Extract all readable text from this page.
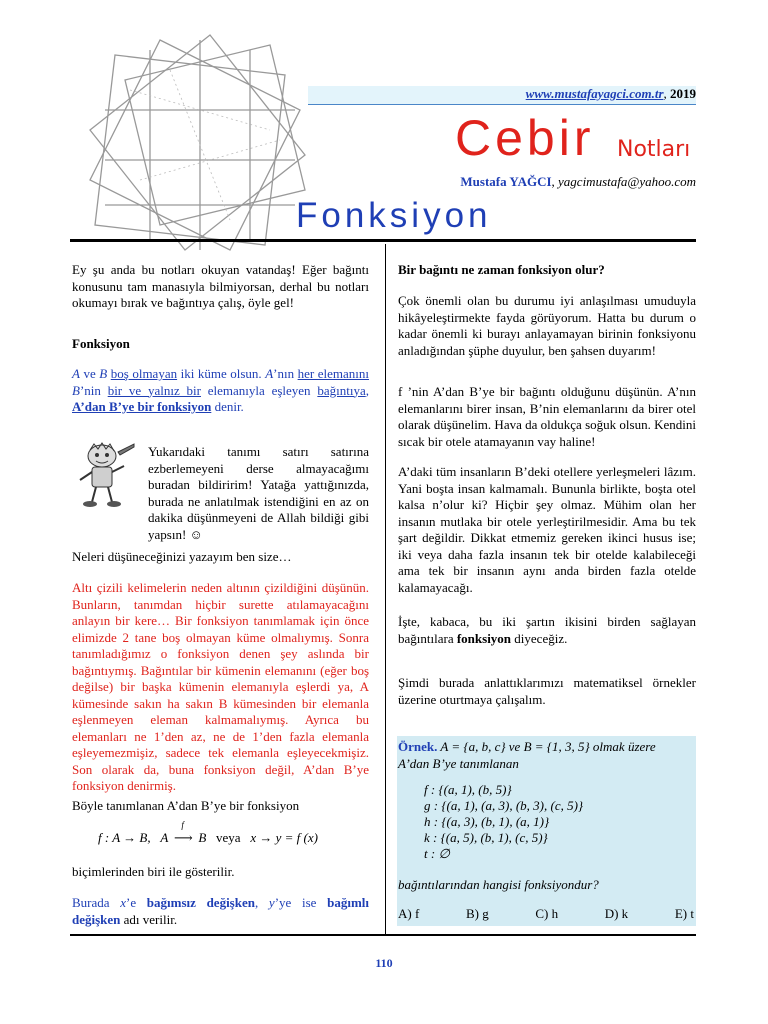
www.mustafayagci.com.tr, 2019
Cebir Notları
Mustafa YAĞCI, yagcimustafa@yahoo.com
Fonksiyon
Ey şu anda bu notları okuyan vatandaş! Eğer bağıntı konusunu tam manasıyla bilmiyorsan, derhal bu notları okumayı bırak ve bağıntıya çalış, öyle gel!
Fonksiyon
A ve B boş olmayan iki küme olsun. A’nın her elemanını B’nin bir ve yalnız bir elemanıyla eşleyen bağıntıya, A’dan B’ye bir fonksiyon denir.
Yukarıdaki tanımı satırı satırına ezberlemeyeni derse almayacağımı buradan bildiririm! Yatağa yattığınızda, burada ne anlatılmak istendiğini en az on dakika düşünmeyeni de Allah bildiği gibi yapsın! ☺
Neleri düşüneceğinizi yazayım ben size…
Altı çizili kelimelerin neden altının çizildiğini düşünün. Bunların, tanımdan hiçbir surette atılamayacağını anlayın bir kere… Bir fonksiyon tanımlamak için önce elimizde 2 tane boş olmayan küme olmalıymış. Sonra tanımladığımız o fonksiyon denen şey aslında bir bağıntıymış. Bağıntılar bir kümenin elemanını (eğer boş değilse) bir başka kümenin elemanıyla eşlerdi ya, A kümesinde sakın ha sakın B kümesinden bir elemanla eşlenmeyen eleman kalmamalıymış. Ayrıca bu elemanları ne 1’den az, ne de 1’den fazla elemanla eşleyemezmişiz, sadece tek elemanla eşleyecekmişiz. Son olarak da, buna fonksiyon değil, A’dan B’ye fonksiyon denirmiş.
Böyle tanımlanan A’dan B’ye bir fonksiyon
f : A → B, A
f
⟶ B veya x → y = f (x)
biçimlerinden biri ile gösterilir.
Burada x’e bağımsız değişken, y’ye ise bağımlı değişken adı verilir.
Bir bağıntı ne zaman fonksiyon olur?
Çok önemli olan bu durumu iyi anlaşılması umuduyla hikâyeleştirmekte fayda görüyorum. Hatta bu durum o kadar önemli ki burayı anlayamayan birinin fonksiyonu anladığından şüphe duyulur, ben şahsen duyarım!
f ’nin A’dan B’ye bir bağıntı olduğunu düşünün. A’nın elemanlarını birer insan, B’nin elemanlarını da birer otel olarak düşünelim. Hava da oldukça soğuk olsun. Kendini sıcak bir otele atamayanın vay haline!
A’daki tüm insanların B’deki otellere yerleşmeleri lâzım. Yani boşta insan kalmamalı. Bununla birlikte, boşta otel kalsa n’olur ki? Hiçbir şey olmaz. Mühim olan her insanın mutlaka bir otele yerleştirilmesidir. Ama bu tek şart değildir. Dikkat etmemiz gereken ikinci husus ise; iki veya daha fazla insanın tek bir otelde kalabileceği ama tek bir insanın aynı anda birden fazla otelde kalamayacağı.
İşte, kabaca, bu iki şartın ikisini birden sağlayan bağıntılara fonksiyon diyeceğiz.
Şimdi burada anlattıklarımızı matematiksel örnekler üzerine oturtmaya çalışalım.
Örnek. A = {a, b, c} ve B = {1, 3, 5} olmak üzere
A’dan B’ye tanımlanan
f : {(a, 1), (b, 5)}
g : {(a, 1), (a, 3), (b, 3), (c, 5)}
h : {(a, 3), (b, 1), (a, 1)}
k : {(a, 5), (b, 1), (c, 5)}
t : ∅
bağıntılarından hangisi fonksiyondur?
A) f	B) g	C) h	D) k	E) t
110
